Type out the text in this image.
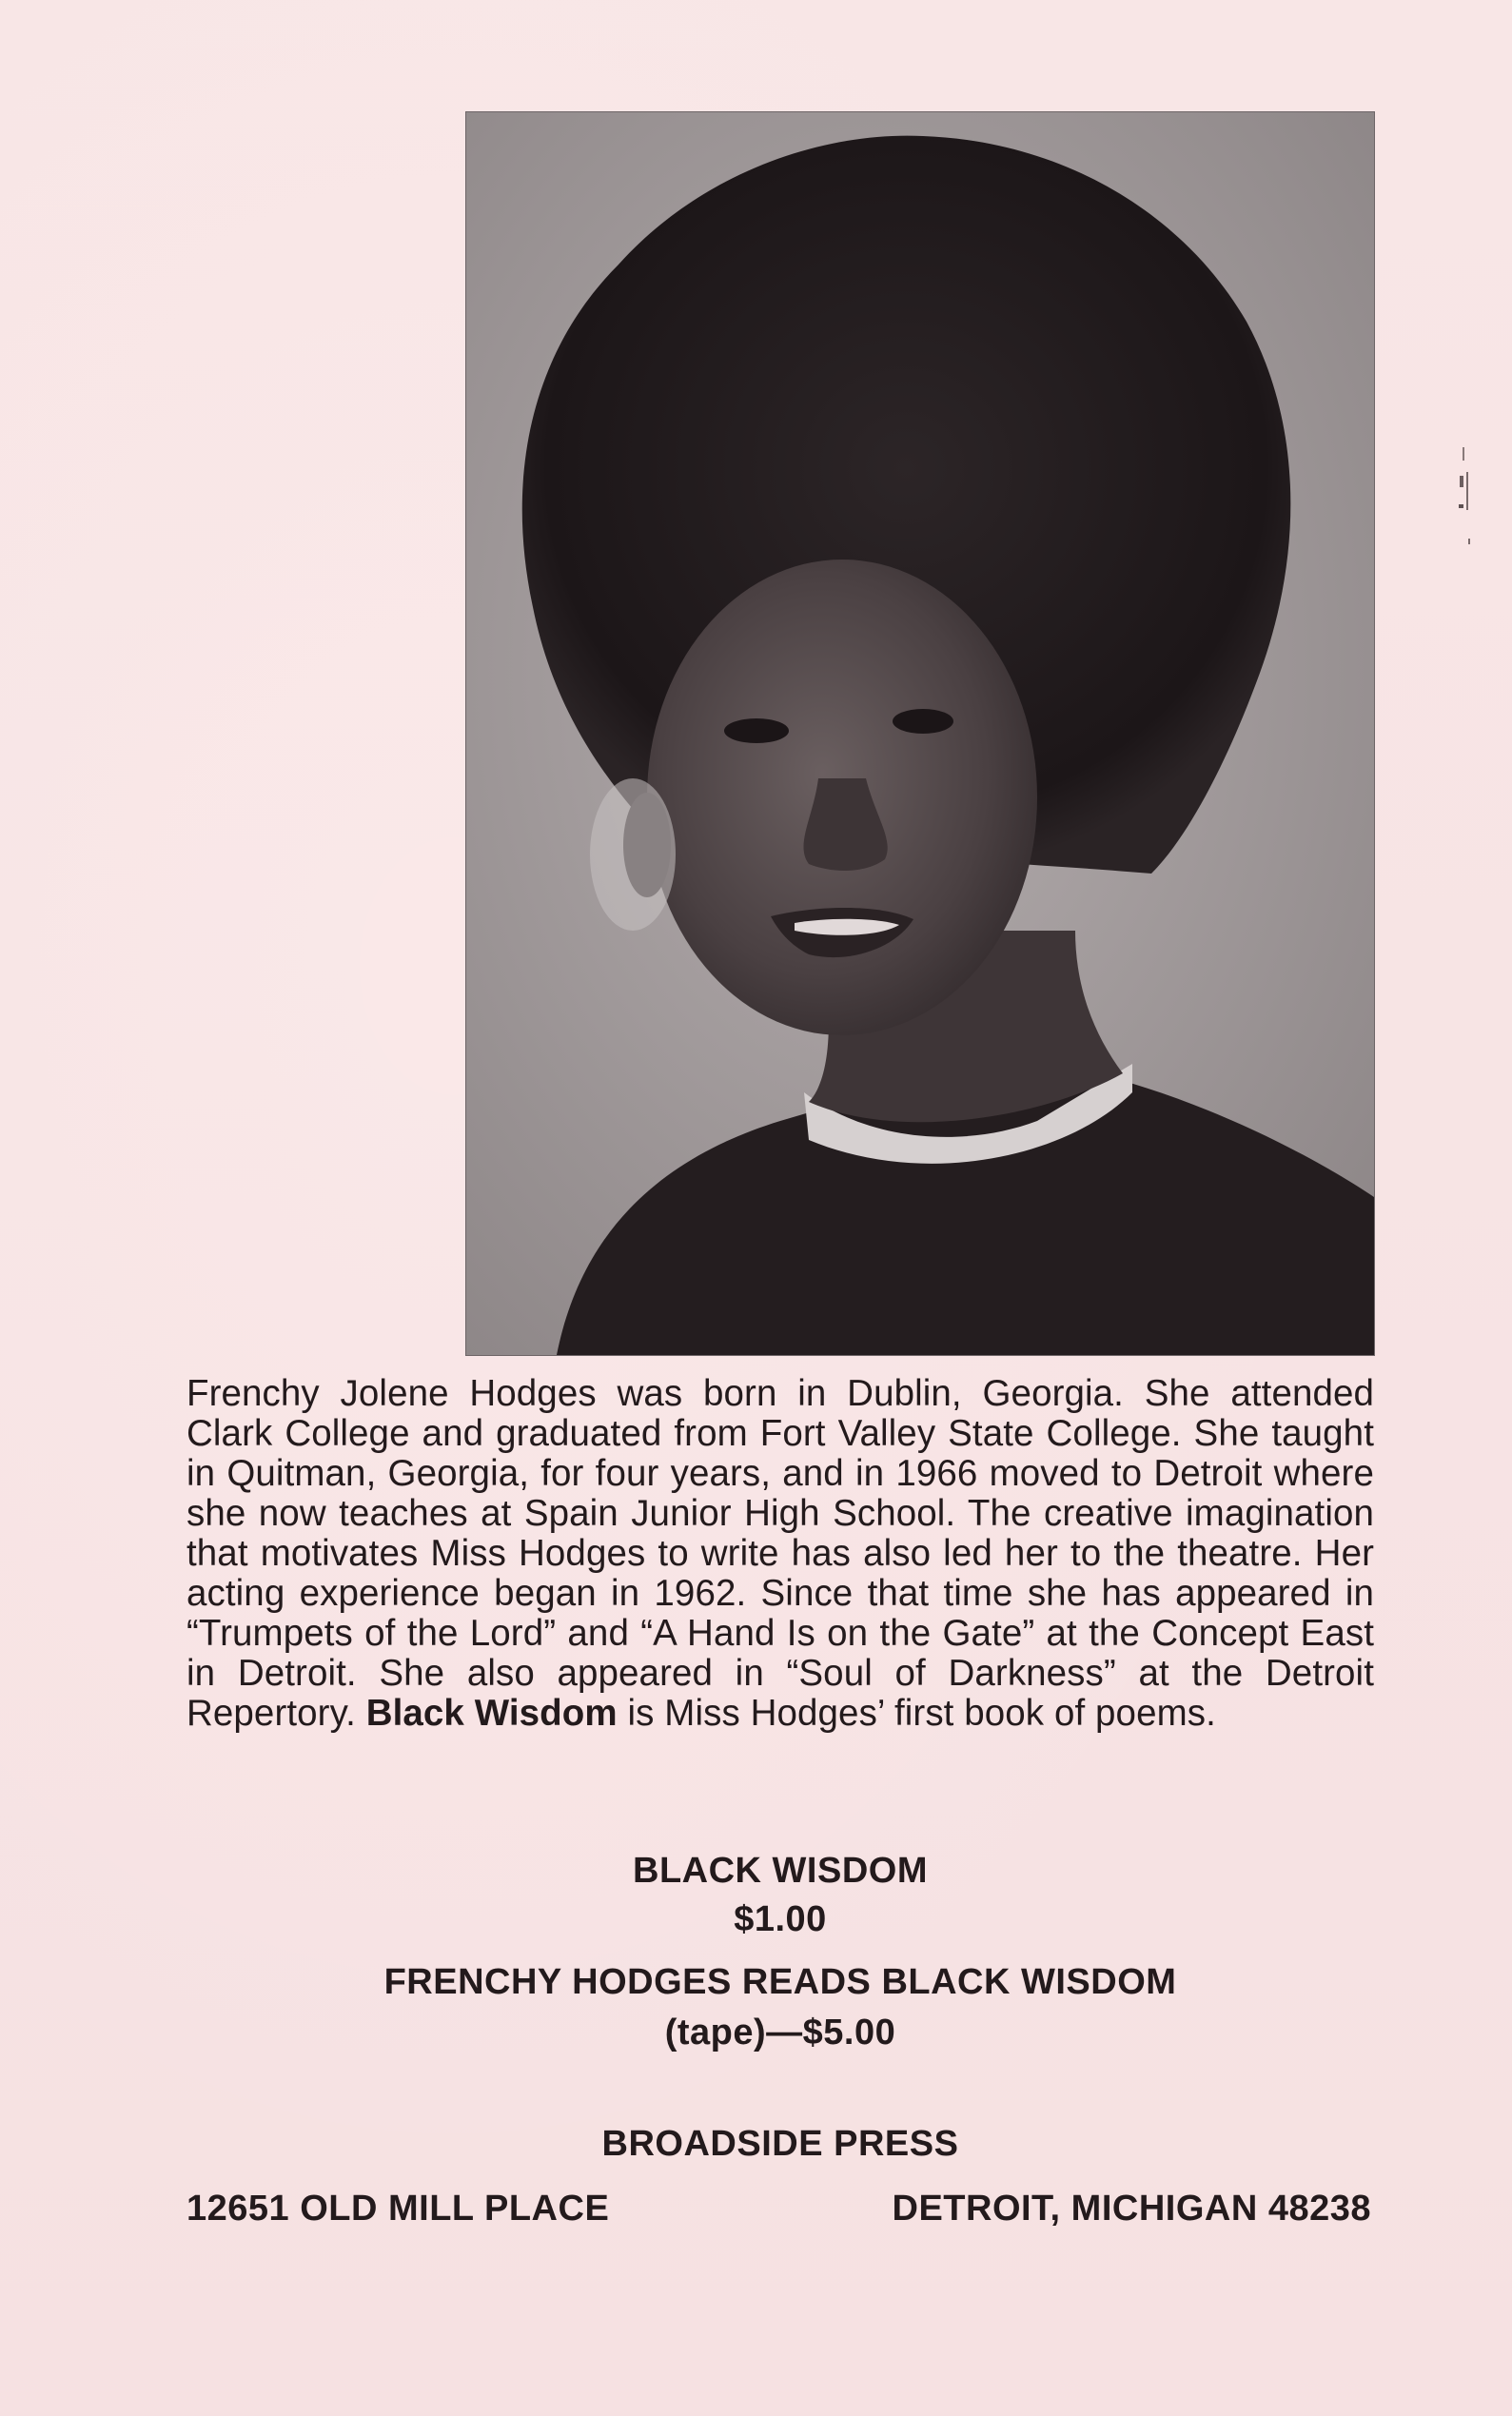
Frenchy Jolene Hodges was born in Dublin, Georgia. She attended Clark College and graduated from Fort Valley State College. She taught in Quitman, Georgia, for four years, and in 1966 moved to Detroit where she now teaches at Spain Junior High School. The creative imagination that motivates Miss Hodges to write has also led her to the theatre. Her acting experience began in 1962. Since that time she has appeared in “Trumpets of the Lord” and “A Hand Is on the Gate” at the Concept East in Detroit. She also appeared in “Soul of Darkness” at the Detroit Repertory. Black Wisdom is Miss Hodges’ first book of poems.
BLACK WISDOM
$1.00
FRENCHY HODGES READS BLACK WISDOM
(tape)—$5.00
BROADSIDE PRESS
12651 OLD MILL PLACE	DETROIT, MICHIGAN 48238
